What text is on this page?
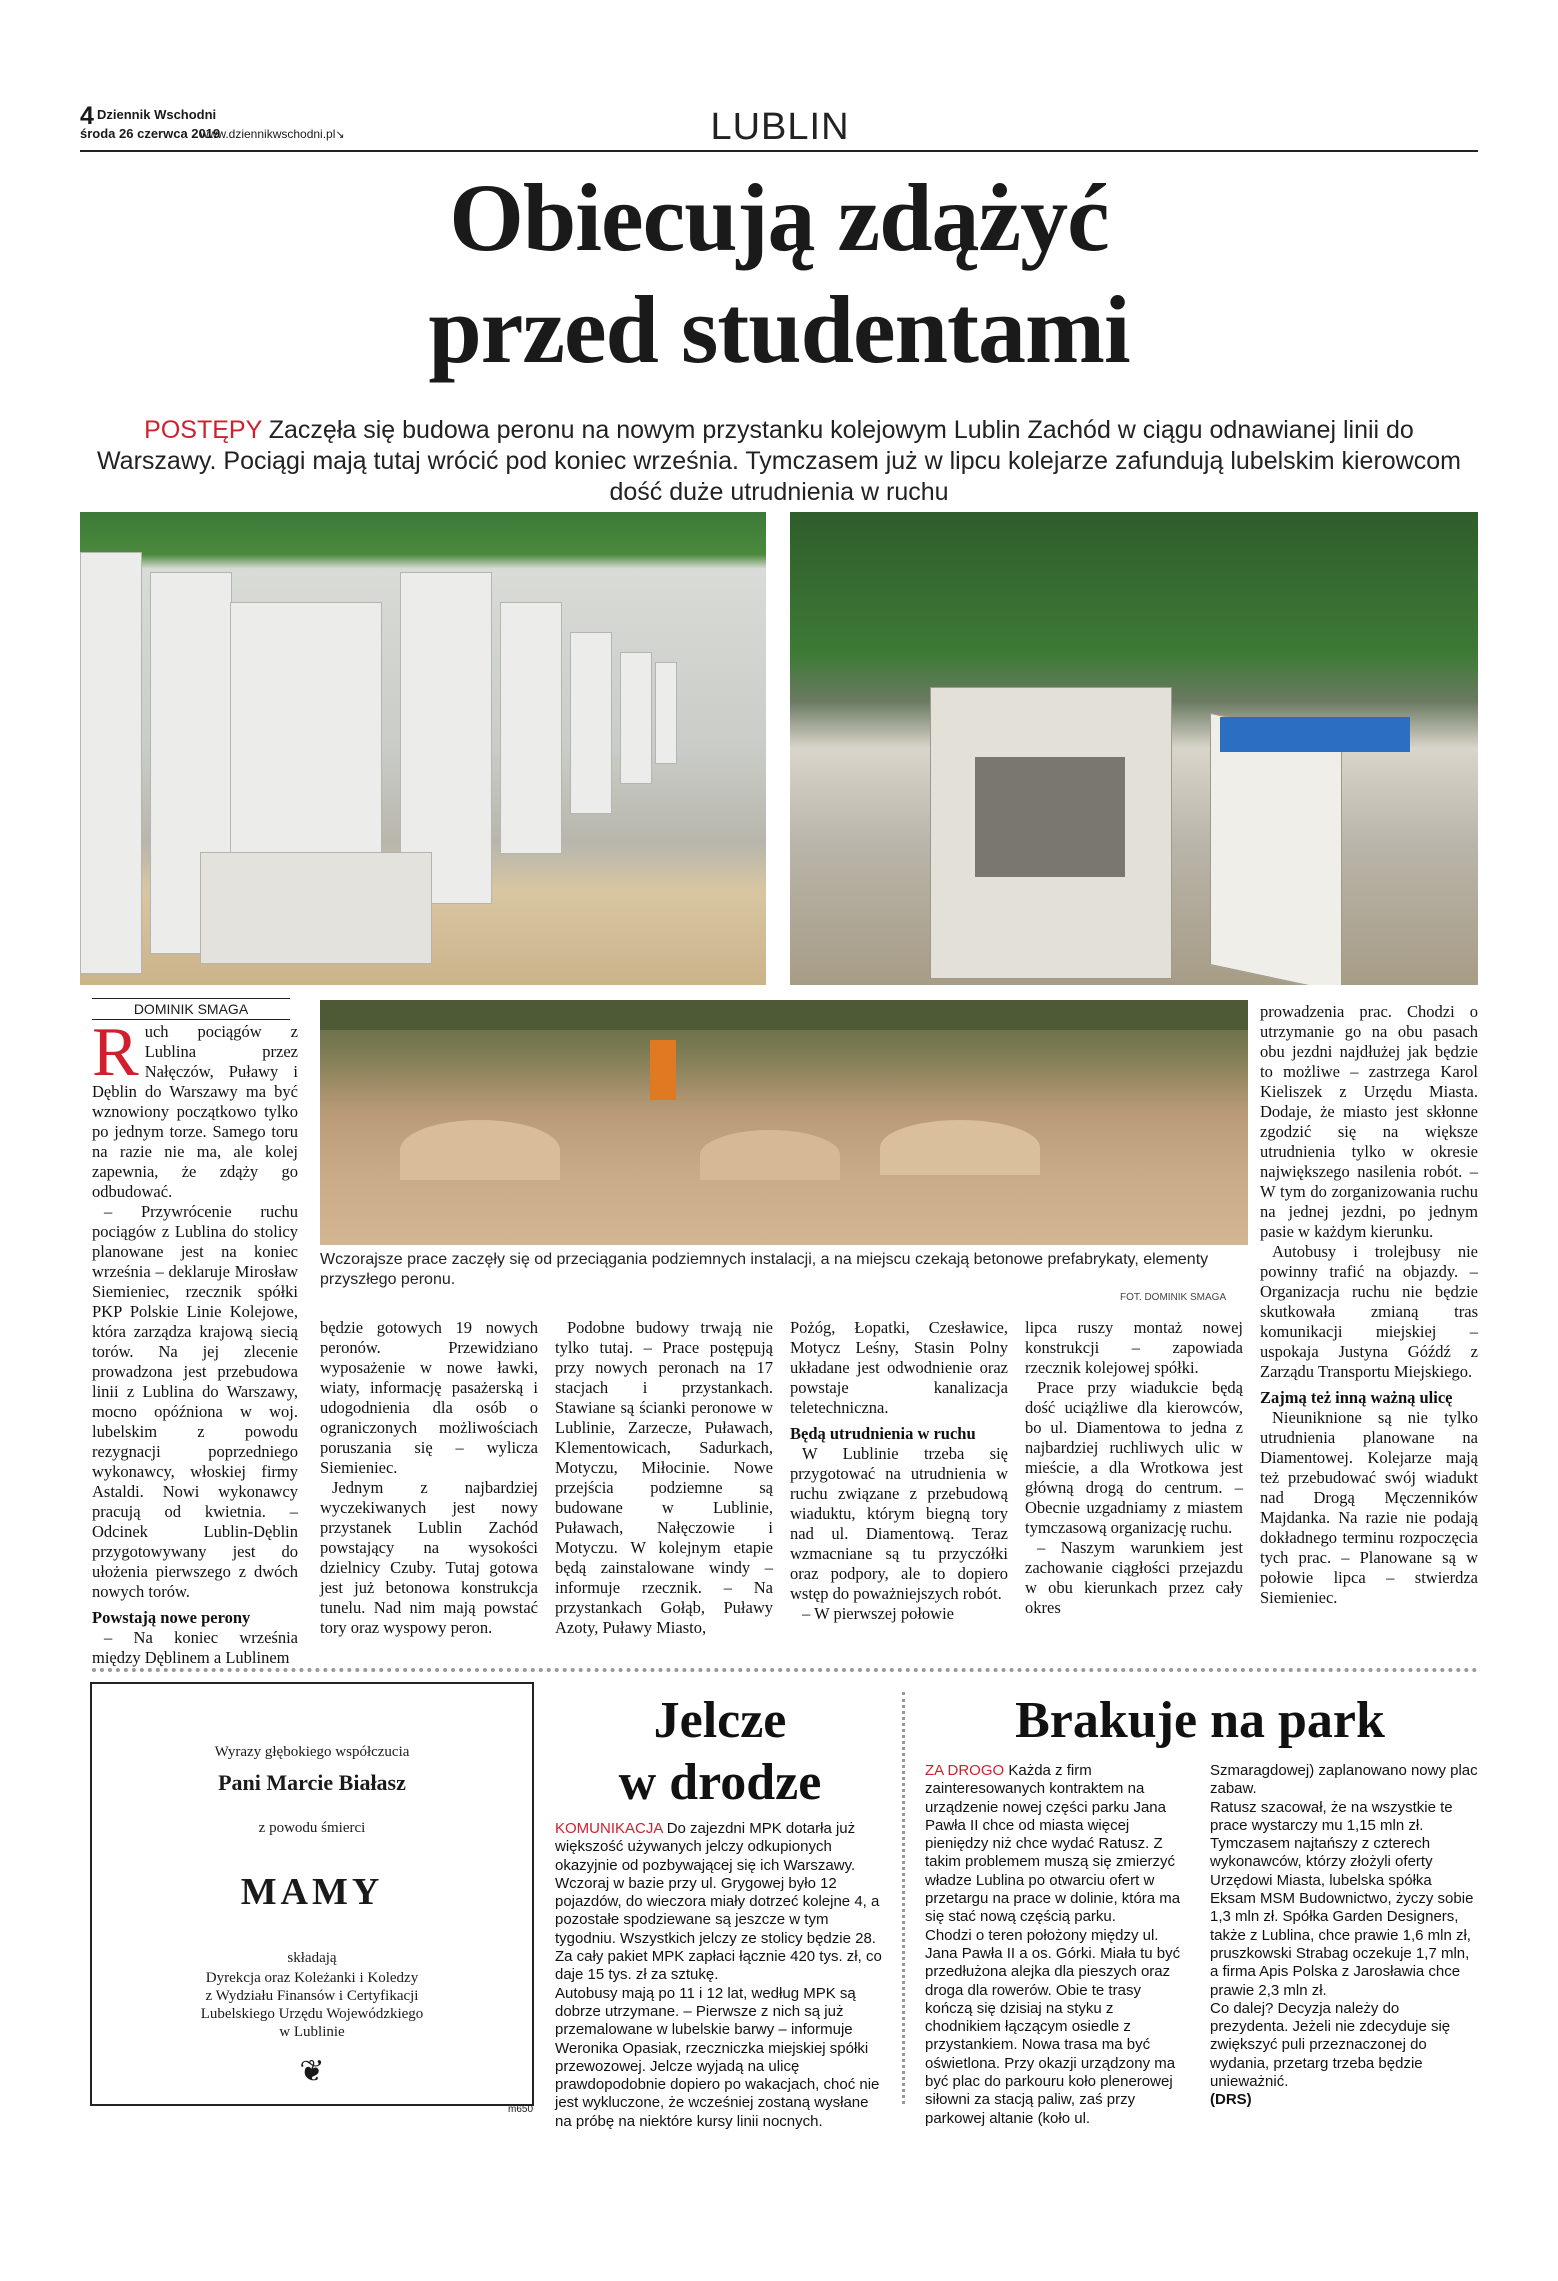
4 Dziennik Wschodni
środa 26 czerwca 2019
www.dziennikwschodni.pl↘	LUBLIN
Obiecują zdążyć
przed studentami
POSTĘPY Zaczęła się budowa peronu na nowym przystanku kolejowym Lublin Zachód w ciągu odnawianej linii do Warszawy. Pociągi mają tutaj wrócić pod koniec września. Tymczasem już w lipcu kolejarze zafundują lubelskim kierowcom dość duże utrudnienia w ruchu
Wczorajsze prace zaczęły się od przeciągania podziemnych instalacji, a na miejscu czekają betonowe prefabrykaty, elementy przyszłego peronu.
FOT. DOMINIK SMAGA
DOMINIK SMAGA

Ruch pociągów z Lublina przez Nałęczów, Puławy i Dęblin do Warszawy ma być wznowiony początkowo tylko po jednym torze. Samego toru na razie nie ma, ale kolej zapewnia, że zdąży go odbudować.

– Przywrócenie ruchu pociągów z Lublina do stolicy planowane jest na koniec września – deklaruje Mirosław Siemieniec, rzecznik spółki PKP Polskie Linie Kolejowe, która zarządza krajową siecią torów. Na jej zlecenie prowadzona jest przebudowa linii z Lublina do Warszawy, mocno opóźniona w woj. lubelskim z powodu rezygnacji poprzedniego wykonawcy, włoskiej firmy Astaldi. Nowi wykonawcy pracują od kwietnia. – Odcinek Lublin-Dęblin przygotowywany jest do ułożenia pierwszego z dwóch nowych torów.

Powstają nowe perony

– Na koniec września między Dęblinem a Lublinem

będzie gotowych 19 nowych peronów. Przewidziano wyposażenie w nowe ławki, wiaty, informację pasażerską i udogodnienia dla osób o ograniczonych możliwościach poruszania się – wylicza Siemieniec.

Jednym z najbardziej wyczekiwanych jest nowy przystanek Lublin Zachód powstający na wysokości dzielnicy Czuby. Tutaj gotowa jest już betonowa konstrukcja tunelu. Nad nim mają powstać tory oraz wyspowy peron.

Podobne budowy trwają nie tylko tutaj. – Prace postępują przy nowych peronach na 17 stacjach i przystankach. Stawiane są ścianki peronowe w Lublinie, Zarzecze, Puławach, Klementowicach, Sadurkach, Motyczu, Miłocinie. Nowe przejścia podziemne są budowane w Lublinie, Puławach, Nałęczowie i Motyczu. W kolejnym etapie będą zainstalowane windy – informuje rzecznik. – Na przystankach Gołąb, Puławy Azoty, Puławy Miasto,

Pożóg, Łopatki, Czesławice, Motycz Leśny, Stasin Polny układane jest odwodnienie oraz powstaje kanalizacja teletechniczna.

Będą utrudnienia w ruchu

W Lublinie trzeba się przygotować na utrudnienia w ruchu związane z przebudową wiaduktu, którym biegną tory nad ul. Diamentową. Teraz wzmacniane są tu przyczółki oraz podpory, ale to dopiero wstęp do poważniejszych robót.

– W pierwszej połowie

lipca ruszy montaż nowej konstrukcji – zapowiada rzecznik kolejowej spółki.

Prace przy wiadukcie będą dość uciążliwe dla kierowców, bo ul. Diamentowa to jedna z najbardziej ruchliwych ulic w mieście, a dla Wrotkowa jest główną drogą do centrum. – Obecnie uzgadniamy z miastem tymczasową organizację ruchu.

– Naszym warunkiem jest zachowanie ciągłości przejazdu w obu kierunkach przez cały okres

prowadzenia prac. Chodzi o utrzymanie go na obu pasach obu jezdni najdłużej jak będzie to możliwe – zastrzega Karol Kieliszek z Urzędu Miasta. Dodaje, że miasto jest skłonne zgodzić się na większe utrudnienia tylko w okresie największego nasilenia robót. – W tym do zorganizowania ruchu na jednej jezdni, po jednym pasie w każdym kierunku.

Autobusy i trolejbusy nie powinny trafić na objazdy. – Organizacja ruchu nie będzie skutkowała zmianą tras komunikacji miejskiej – uspokaja Justyna Góźdź z Zarządu Transportu Miejskiego.

Zajmą też inną ważną ulicę

Nieuniknione są nie tylko utrudnienia planowane na Diamentowej. Kolejarze mają też przebudować swój wiadukt nad Drogą Męczenników Majdanka. Na razie nie podają dokładnego terminu rozpoczęcia tych prac. – Planowane są w połowie lipca – stwierdza Siemieniec.

Wyrazy głębokiego współczucia
Pani Marcie Białasz
z powodu śmierci
MAMY
składają
Dyrekcja oraz Koleżanki i Koledzy
z Wydziału Finansów i Certyfikacji
Lubelskiego Urzędu Wojewódzkiego
w Lublinie
❦
m650
Jelcze
w drodze

KOMUNIKACJA Do zajezdni MPK dotarła już większość używanych jelczy odkupionych okazyjnie od pozbywającej się ich Warszawy. Wczoraj w bazie przy ul. Grygowej było 12 pojazdów, do wieczora miały dotrzeć kolejne 4, a pozostałe spodziewane są jeszcze w tym tygodniu. Wszystkich jelczy ze stolicy będzie 28. Za cały pakiet MPK zapłaci łącznie 420 tys. zł, co daje 15 tys. zł za sztukę.

Autobusy mają po 11 i 12 lat, według MPK są dobrze utrzymane. – Pierwsze z nich są już przemalowane w lubelskie barwy – informuje Weronika Opasiak, rzeczniczka miejskiej spółki przewozowej. Jelcze wyjadą na ulicę prawdopodobnie dopiero po wakacjach, choć nie jest wykluczone, że wcześniej zostaną wysłane na próbę na niektóre kursy linii nocnych.

Brakuje na park

ZA DROGO Każda z firm zainteresowanych kontraktem na urządzenie nowej części parku Jana Pawła II chce od miasta więcej pieniędzy niż chce wydać Ratusz. Z takim problemem muszą się zmierzyć władze Lublina po otwarciu ofert w przetargu na prace w dolinie, która ma się stać nową częścią parku.

Chodzi o teren położony między ul. Jana Pawła II a os. Górki. Miała tu być przedłużona alejka dla pieszych oraz droga dla rowerów. Obie te trasy kończą się dzisiaj na styku z chodnikiem łączącym osiedle z przystankiem. Nowa trasa ma być oświetlona. Przy okazji urządzony ma być plac do parkouru koło plenerowej siłowni za stacją paliw, zaś przy parkowej altanie (koło ul.

Szmaragdowej) zaplanowano nowy plac zabaw.

Ratusz szacował, że na wszystkie te prace wystarczy mu 1,15 mln zł. Tymczasem najtańszy z czterech wykonawców, którzy złożyli oferty Urzędowi Miasta, lubelska spółka Eksam MSM Budownictwo, życzy sobie 1,3 mln zł. Spółka Garden Designers, także z Lublina, chce prawie 1,6 mln zł, pruszkowski Strabag oczekuje 1,7 mln, a firma Apis Polska z Jarosławia chce prawie 2,3 mln zł.

Co dalej? Decyzja należy do prezydenta. Jeżeli nie zdecyduje się zwiększyć puli przeznaczonej do wydania, przetarg trzeba będzie unieważnić.

(DRS)
